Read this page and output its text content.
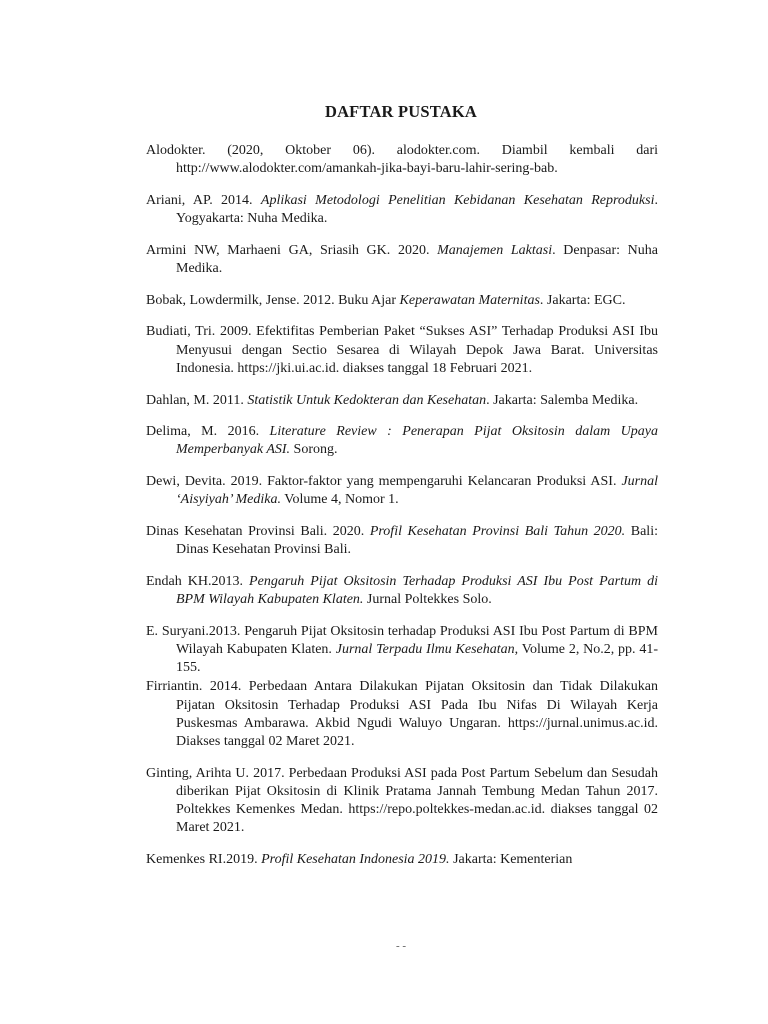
DAFTAR PUSTAKA

Alodokter. (2020, Oktober 06). alodokter.com. Diambil kembali dari http://www.alodokter.com/amankah-jika-bayi-baru-lahir-sering-bab.

Ariani, AP. 2014. Aplikasi Metodologi Penelitian Kebidanan Kesehatan Reproduksi. Yogyakarta: Nuha Medika.

Armini NW, Marhaeni GA, Sriasih GK. 2020. Manajemen Laktasi. Denpasar: Nuha Medika.

Bobak, Lowdermilk, Jense. 2012. Buku Ajar Keperawatan Maternitas. Jakarta: EGC.

Budiati, Tri. 2009. Efektifitas Pemberian Paket “Sukses ASI” Terhadap Produksi ASI Ibu Menyusui dengan Sectio Sesarea di Wilayah Depok Jawa Barat. Universitas Indonesia. https://jki.ui.ac.id. diakses tanggal 18 Februari 2021.

Dahlan, M. 2011. Statistik Untuk Kedokteran dan Kesehatan. Jakarta: Salemba Medika.

Delima, M. 2016. Literature Review : Penerapan Pijat Oksitosin dalam Upaya Memperbanyak ASI. Sorong.

Dewi, Devita. 2019. Faktor-faktor yang mempengaruhi Kelancaran Produksi ASI. Jurnal ‘Aisyiyah’ Medika. Volume 4, Nomor 1.

Dinas Kesehatan Provinsi Bali. 2020. Profil Kesehatan Provinsi Bali Tahun 2020. Bali: Dinas Kesehatan Provinsi Bali.

Endah KH.2013. Pengaruh Pijat Oksitosin Terhadap Produksi ASI Ibu Post Partum di BPM Wilayah Kabupaten Klaten. Jurnal Poltekkes Solo.

E. Suryani.2013. Pengaruh Pijat Oksitosin terhadap Produksi ASI Ibu Post Partum di BPM Wilayah Kabupaten Klaten. Jurnal Terpadu Ilmu Kesehatan, Volume 2, No.2, pp. 41-155.

Firriantin. 2014. Perbedaan Antara Dilakukan Pijatan Oksitosin dan Tidak Dilakukan Pijatan Oksitosin Terhadap Produksi ASI Pada Ibu Nifas Di Wilayah Kerja Puskesmas Ambarawa. Akbid Ngudi Waluyo Ungaran. https://jurnal.unimus.ac.id. Diakses tanggal 02 Maret 2021.

Ginting, Arihta U. 2017. Perbedaan Produksi ASI pada Post Partum Sebelum dan Sesudah diberikan Pijat Oksitosin di Klinik Pratama Jannah Tembung Medan Tahun 2017. Poltekkes Kemenkes Medan. https://repo.poltekkes-medan.ac.id. diakses tanggal 02 Maret 2021.

Kemenkes RI.2019. Profil Kesehatan Indonesia 2019. Jakarta: Kementerian

- -
